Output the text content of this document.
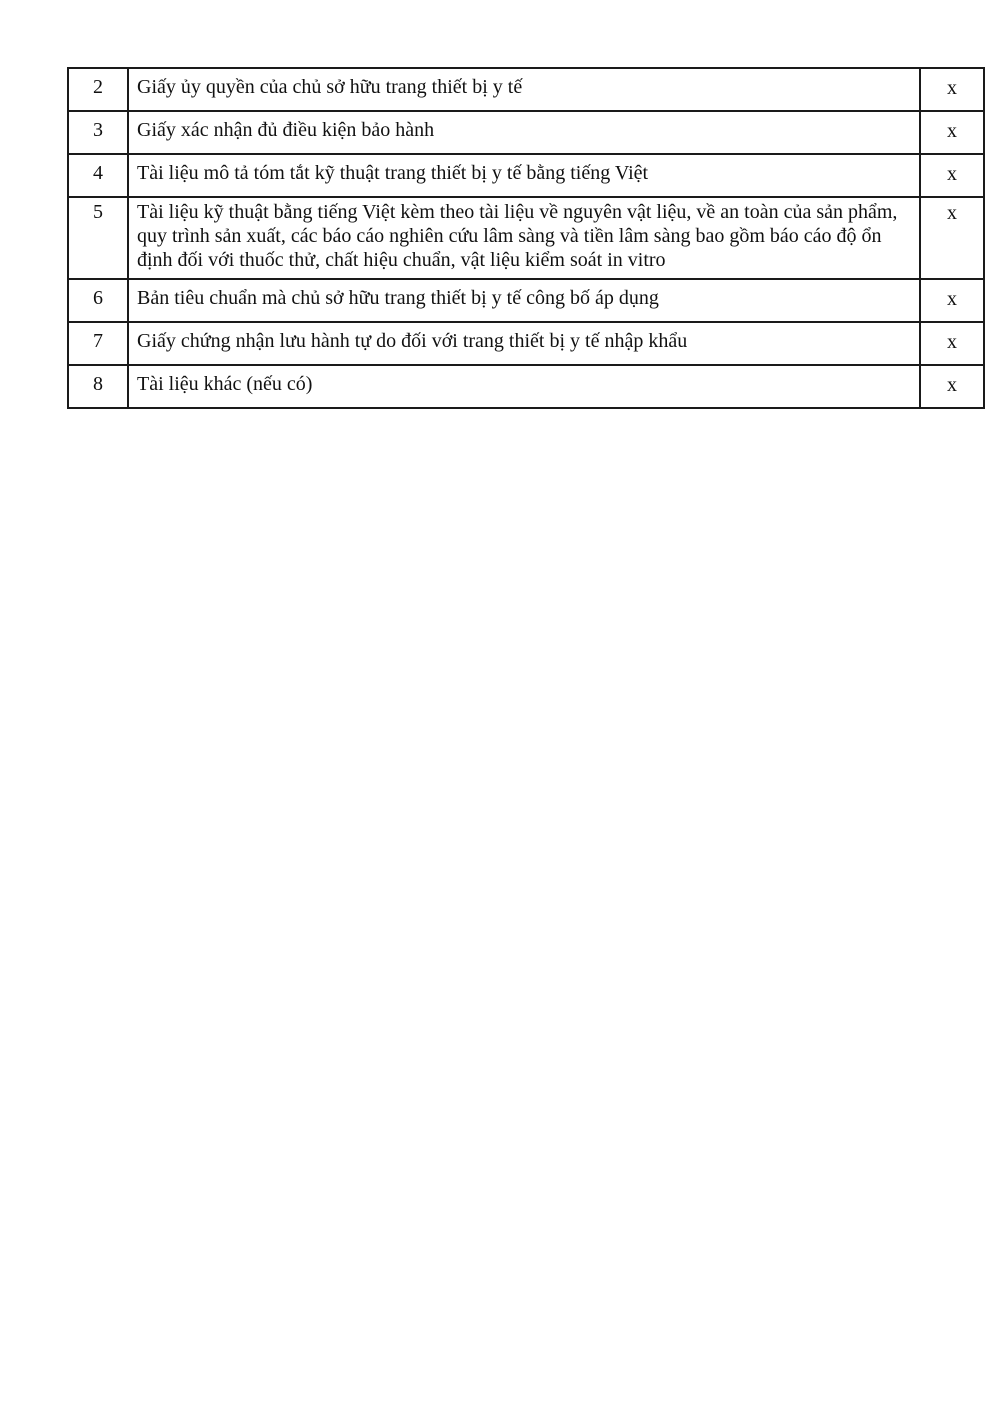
2	Giấy ủy quyền của chủ sở hữu trang thiết bị y tế	x
3	Giấy xác nhận đủ điều kiện bảo hành	x
4	Tài liệu mô tả tóm tắt kỹ thuật trang thiết bị y tế bằng tiếng Việt	x
5	Tài liệu kỹ thuật bằng tiếng Việt kèm theo tài liệu về nguyên vật liệu, về an toàn của sản phẩm, quy trình sản xuất, các báo cáo nghiên cứu lâm sàng và tiền lâm sàng bao gồm báo cáo độ ổn định đối với thuốc thử, chất hiệu chuẩn, vật liệu kiểm soát in vitro	x
6	Bản tiêu chuẩn mà chủ sở hữu trang thiết bị y tế công bố áp dụng	x
7	Giấy chứng nhận lưu hành tự do đối với trang thiết bị y tế nhập khẩu	x
8	Tài liệu khác (nếu có)	x
